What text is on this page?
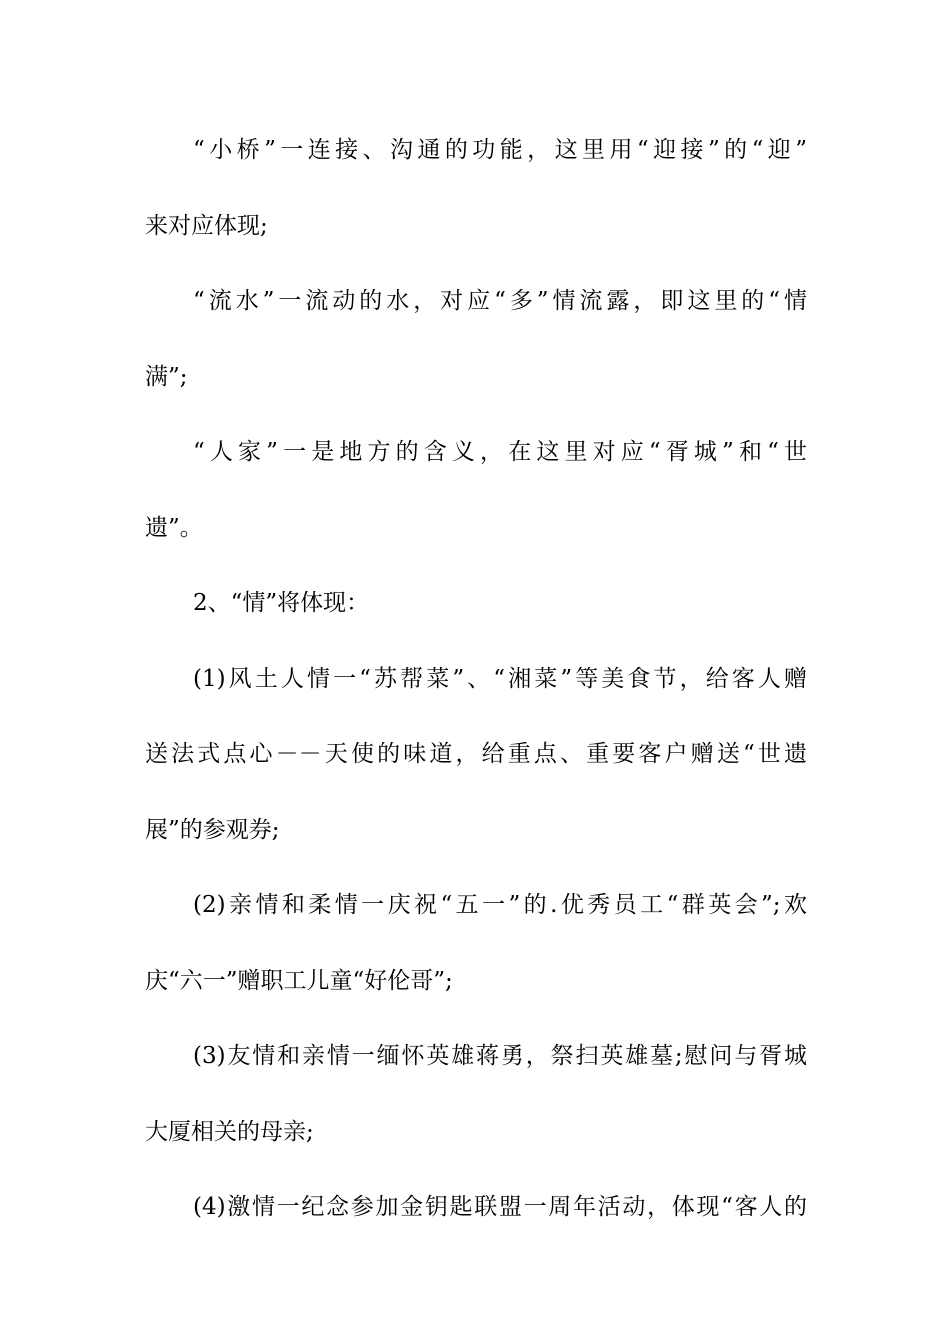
“小桥”一连接、沟通的功能，这里用“迎接”的“迎”
来对应体现;
“流水”一流动的水，对应“多”情流露，即这里的“情
满”;
“人家”一是地方的含义，在这里对应“胥城”和“世
遗”。
2、“情”将体现：
(1)风土人情一“苏帮菜”、“湘菜”等美食节，给客人赠
送法式点心－－天使的味道，给重点、重要客户赠送“世遗
展”的参观券;
(2)亲情和柔情一庆祝“五一”的.优秀员工“群英会”;欢
庆“六一”赠职工儿童“好伦哥”;
(3)友情和亲情一缅怀英雄蒋勇，祭扫英雄墓;慰问与胥城
大厦相关的母亲;
(4)激情一纪念参加金钥匙联盟一周年活动，体现“客人的
